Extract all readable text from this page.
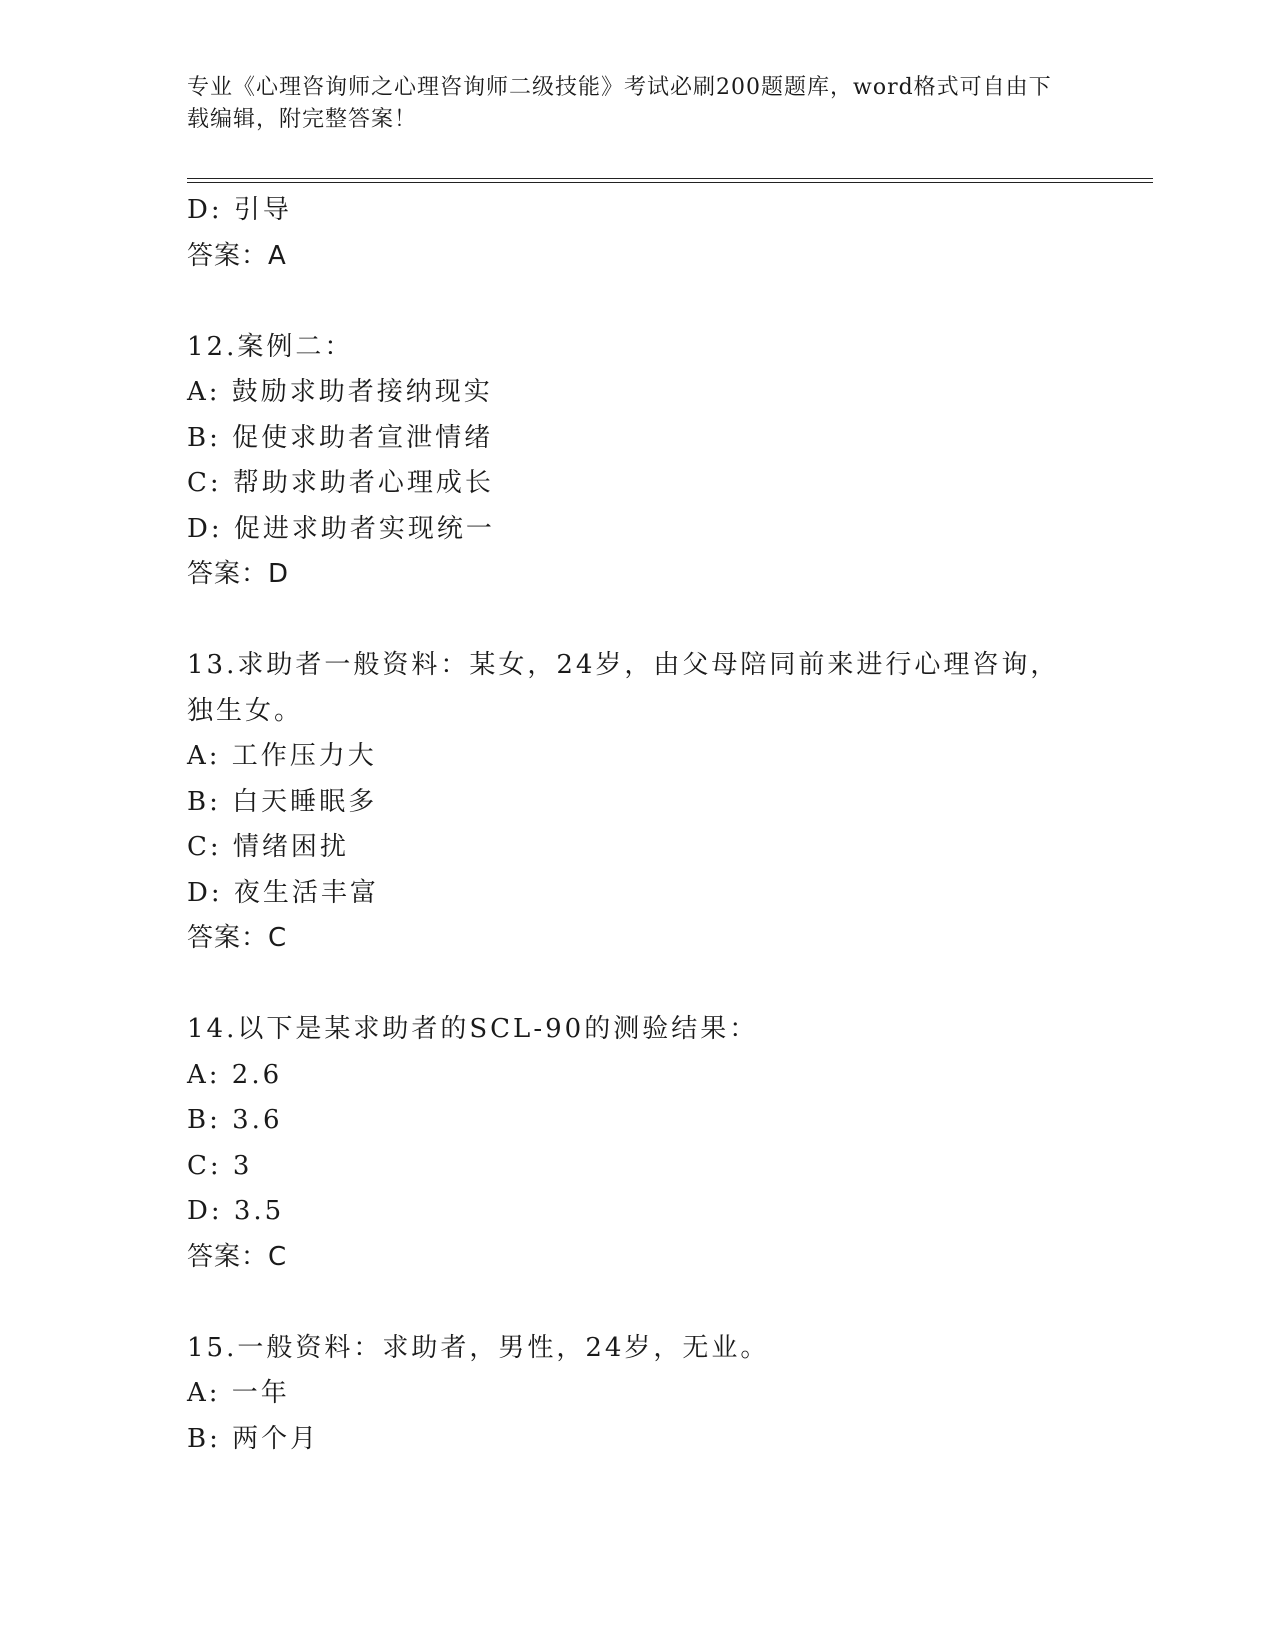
专业《心理咨询师之心理咨询师二级技能》考试必刷200题题库，word格式可自由下载编辑，附完整答案！
D: 引导
答案：A
12.案例二：
A: 鼓励求助者接纳现实
B: 促使求助者宣泄情绪
C: 帮助求助者心理成长
D: 促进求助者实现统一
答案：D
13.求助者一般资料：某女，24岁，由父母陪同前来进行心理咨询，独生女。
A: 工作压力大
B: 白天睡眠多
C: 情绪困扰
D: 夜生活丰富
答案：C
14.以下是某求助者的SCL-90的测验结果：
A: 2.6
B: 3.6
C: 3
D: 3.5
答案：C
15.一般资料：求助者，男性，24岁，无业。
A: 一年
B: 两个月
